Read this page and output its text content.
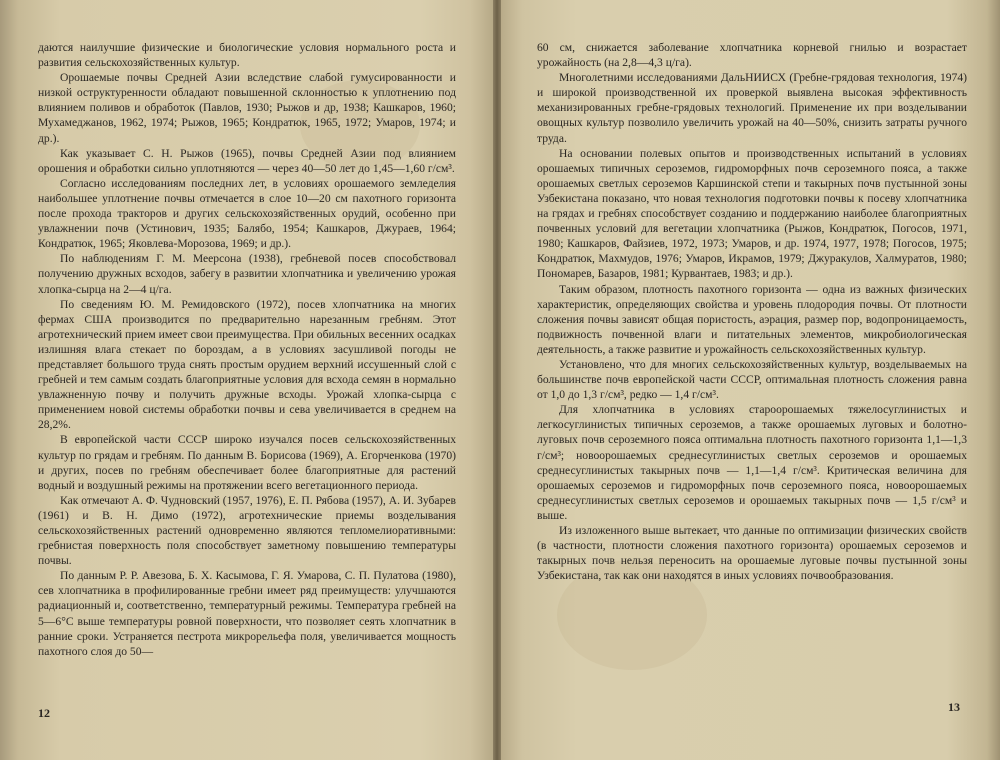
даются наилучшие физические и биологические условия нормального роста и развития сельскохозяйственных культур.

Орошаемые почвы Средней Азии вследствие слабой гумусированности и низкой оструктуренности обладают повышенной склонностью к уплотнению под влиянием поливов и обработок (Павлов, 1930; Рыжов и др, 1938; Кашкаров, 1960; Мухамеджанов, 1962, 1974; Рыжов, 1965; Кондратюк, 1965, 1972; Умаров, 1974; и др.).

Как указывает С. Н. Рыжов (1965), почвы Средней Азии под влиянием орошения и обработки сильно уплотняются — через 40—50 лет до 1,45—1,60 г/см³.

Согласно исследованиям последних лет, в условиях орошаемого земледелия наибольшее уплотнение почвы отмечается в слое 10—20 см пахотного горизонта после прохода тракторов и других сельскохозяйственных орудий, особенно при увлажнении почв (Устинович, 1935; Балябо, 1954; Кашкаров, Джураев, 1964; Кондратюк, 1965; Яковлева-Морозова, 1969; и др.).

По наблюдениям Г. М. Меерсона (1938), гребневой посев способствовал получению дружных всходов, забегу в развитии хлопчатника и увеличению урожая хлопка-сырца на 2—4 ц/га.

По сведениям Ю. М. Ремидовского (1972), посев хлопчатника на многих фермах США производится по предварительно нарезанным гребням. Этот агротехнический прием имеет свои преимущества. При обильных весенних осадках излишняя влага стекает по бороздам, а в условиях засушливой погоды не представляет большого труда снять простым орудием верхний иссушенный слой с гребней и тем самым создать благоприятные условия для всхода семян в нормально увлажненную почву и получить дружные всходы. Урожай хлопка-сырца с применением новой системы обработки почвы и сева увеличивается в среднем на 28,2%.

В европейской части СССР широко изучался посев сельскохозяйственных культур по грядам и гребням. По данным В. Борисова (1969), А. Егорченкова (1970) и других, посев по гребням обеспечивает более благоприятные для растений водный и воздушный режимы на протяжении всего вегетационного периода.

Как отмечают А. Ф. Чудновский (1957, 1976), Е. П. Рябова (1957), А. И. Зубарев (1961) и В. Н. Димо (1972), агротехнические приемы возделывания сельскохозяйственных растений одновременно являются тепломелиоративными: гребнистая поверхность поля способствует заметному повышению температуры почвы.

По данным Р. Р. Авезова, Б. Х. Касымова, Г. Я. Умарова, С. П. Пулатова (1980), сев хлопчатника в профилированные гребни имеет ряд преимуществ: улучшаются радиационный и, соответственно, температурный режимы. Температура гребней на 5—6°С выше температуры ровной поверхности, что позволяет сеять хлопчатник в ранние сроки. Устраняется пестрота микрорельефа поля, увеличивается мощность пахотного слоя до 50—

12

60 см, снижается заболевание хлопчатника корневой гнилью и возрастает урожайность (на 2,8—4,3 ц/га).

Многолетними исследованиями ДальНИИСХ (Гребне-грядовая технология, 1974) и широкой производственной их проверкой выявлена высокая эффективность механизированных гребне-грядовых технологий. Применение их при возделывании овощных культур позволило увеличить урожай на 40—50%, снизить затраты ручного труда.

На основании полевых опытов и производственных испытаний в условиях орошаемых типичных сероземов, гидроморфных почв сероземного пояса, а также орошаемых светлых сероземов Каршинской степи и такырных почв пустынной зоны Узбекистана показано, что новая технология подготовки почвы к посеву хлопчатника на грядах и гребнях способствует созданию и поддержанию наиболее благоприятных почвенных условий для вегетации хлопчатника (Рыжов, Кондратюк, Погосов, 1971, 1980; Кашкаров, Файзиев, 1972, 1973; Умаров, и др. 1974, 1977, 1978; Погосов, 1975; Кондратюк, Махмудов, 1976; Умаров, Икрамов, 1979; Джуракулов, Халмуратов, 1980; Пономарев, Базаров, 1981; Курвантаев, 1983; и др.).

Таким образом, плотность пахотного горизонта — одна из важных физических характеристик, определяющих свойства и уровень плодородия почвы. От плотности сложения почвы зависят общая пористость, аэрация, размер пор, водопроницаемость, подвижность почвенной влаги и питательных элементов, микробиологическая деятельность, а также развитие и урожайность сельскохозяйственных культур.

Установлено, что для многих сельскохозяйственных культур, возделываемых на большинстве почв европейской части СССР, оптимальная плотность сложения равна от 1,0 до 1,3 г/см³, редко — 1,4 г/см³.

Для хлопчатника в условиях староорошаемых тяжелосуглинистых и легкосуглинистых типичных сероземов, а также орошаемых луговых и болотно-луговых почв сероземного пояса оптимальна плотность пахотного горизонта 1,1—1,3 г/см³; новоорошаемых среднесуглинистых светлых сероземов и орошаемых среднесуглинистых такырных почв — 1,1—1,4 г/см³. Критическая величина для орошаемых сероземов и гидроморфных почв сероземного пояса, новоорошаемых среднесуглинистых светлых сероземов и орошаемых такырных почв — 1,5 г/см³ и выше.

Из изложенного выше вытекает, что данные по оптимизации физических свойств (в частности, плотности сложения пахотного горизонта) орошаемых сероземов и такырных почв нельзя переносить на орошаемые луговые почвы пустынной зоны Узбекистана, так как они находятся в иных условиях почвообразования.

13
